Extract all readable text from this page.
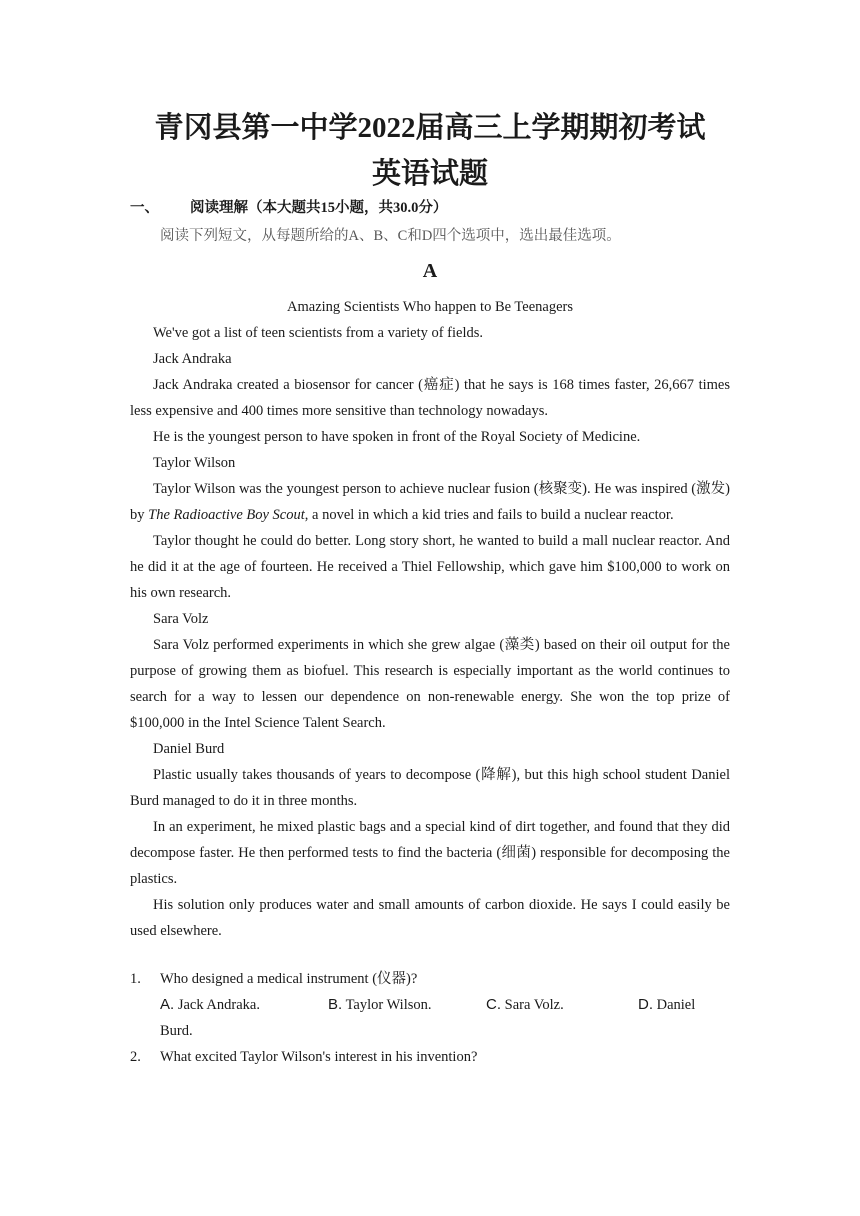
青冈县第一中学2022届高三上学期期初考试
英语试题
一、 阅读理解（本大题共15小题，共30.0分）
阅读下列短文，从每题所给的A、B、C和D四个选项中，选出最佳选项。
A

Amazing Scientists Who happen to Be Teenagers

We've got a list of teen scientists from a variety of fields.

Jack Andraka

Jack Andraka created a biosensor for cancer (癌症) that he says is 168 times faster, 26,667 times less expensive and 400 times more sensitive than technology nowadays.

He is the youngest person to have spoken in front of the Royal Society of Medicine.

Taylor Wilson

Taylor Wilson was the youngest person to achieve nuclear fusion (核聚变). He was inspired (激发) by The Radioactive Boy Scout, a novel in which a kid tries and fails to build a nuclear reactor.

Taylor thought he could do better. Long story short, he wanted to build a mall nuclear reactor. And he did it at the age of fourteen. He received a Thiel Fellowship, which gave him $100,000 to work on his own research.

Sara Volz

Sara Volz performed experiments in which she grew algae (藻类) based on their oil output for the purpose of growing them as biofuel. This research is especially important as the world continues to search for a way to lessen our dependence on non-renewable energy. She won the top prize of $100,000 in the Intel Science Talent Search.

Daniel Burd

Plastic usually takes thousands of years to decompose (降解), but this high school student Daniel Burd managed to do it in three months.

In an experiment, he mixed plastic bags and a special kind of dirt together, and found that they did decompose faster. He then performed tests to find the bacteria (细菌) responsible for decomposing the plastics.

His solution only produces water and small amounts of carbon dioxide. He says I could easily be used elsewhere.

1. Who designed a medical instrument (仪器)?
A. Jack Andraka.	B. Taylor Wilson.	C. Sara Volz.	D. Daniel
Burd.
2. What excited Taylor Wilson's interest in his invention?
